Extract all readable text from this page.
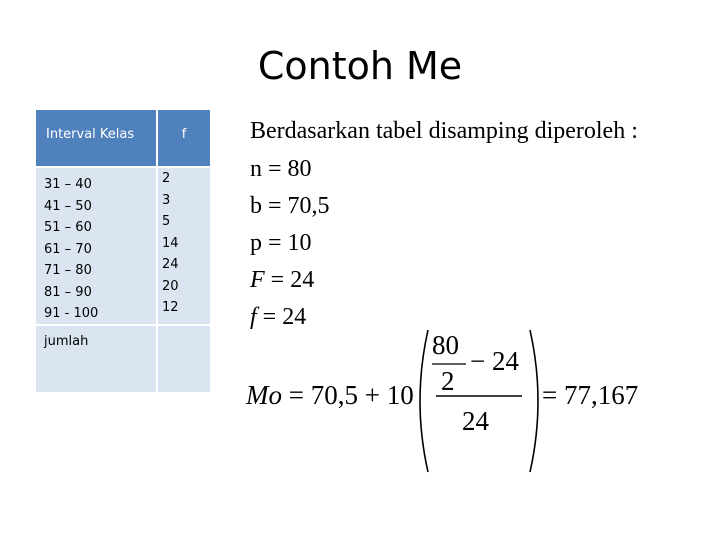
Contoh Me
Interval Kelas	f
31 – 40
41 – 50
51 – 60
61 – 70
71 – 80
81 – 90
91 - 100
2
3
5
14
24
20
12
jumlah
Berdasarkan tabel disamping diperoleh :
n = 80
b = 70,5
p = 10
F = 24
f = 24
Mo = 70,5 + 10
80
2
− 24
24
= 77,167
